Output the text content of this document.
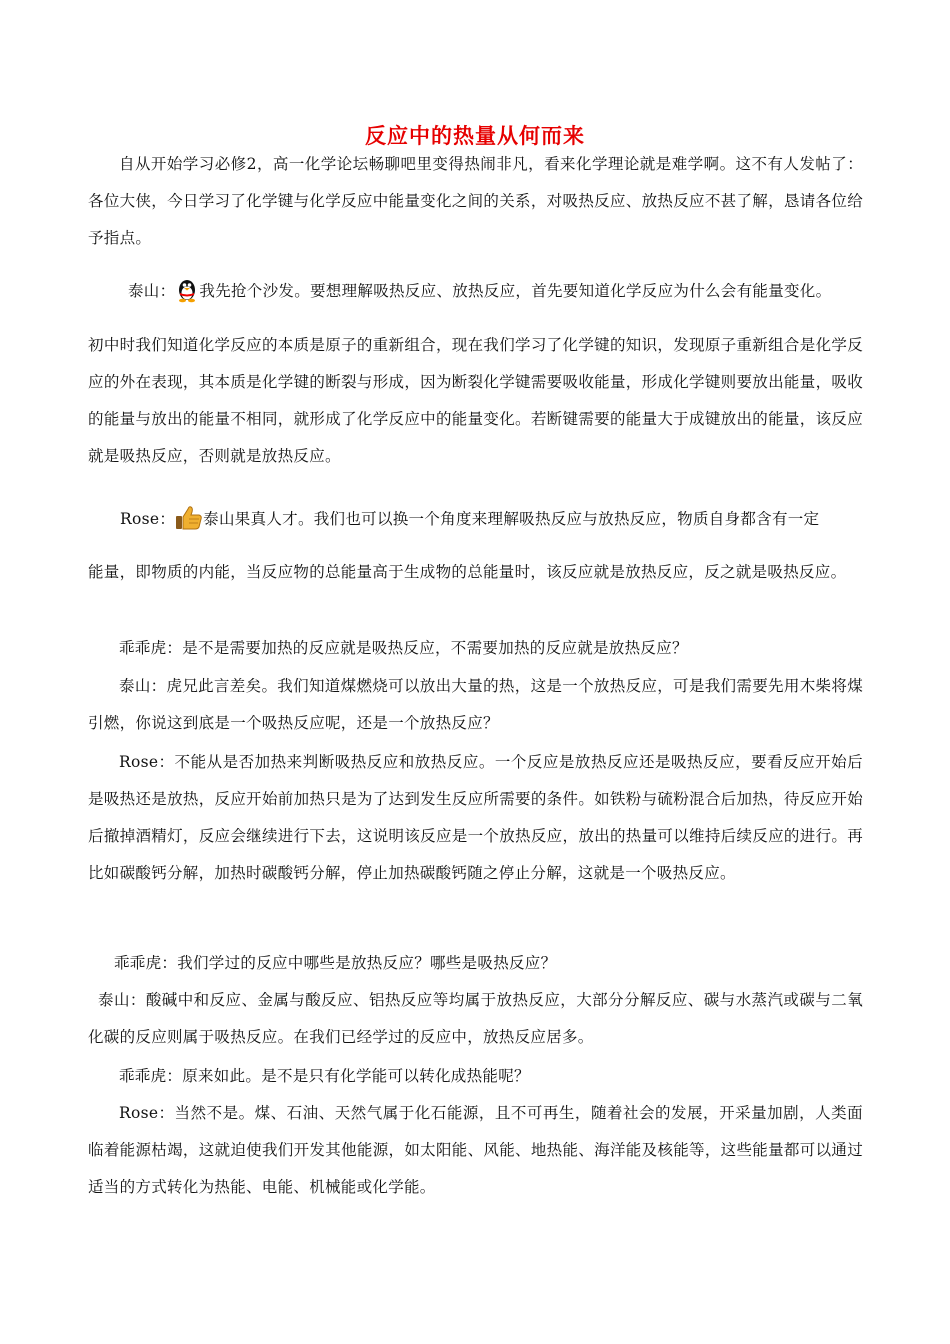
反应中的热量从何而来

自从开始学习必修2，高一化学论坛畅聊吧里变得热闹非凡，看来化学理论就是难学啊。这不有人发帖了：各位大侠，今日学习了化学键与化学反应中能量变化之间的关系，对吸热反应、放热反应不甚了解，恳请各位给予指点。

泰山： 我先抢个沙发。要想理解吸热反应、放热反应，首先要知道化学反应为什么会有能量变化。

初中时我们知道化学反应的本质是原子的重新组合，现在我们学习了化学键的知识，发现原子重新组合是化学反应的外在表现，其本质是化学键的断裂与形成，因为断裂化学键需要吸收能量，形成化学键则要放出能量，吸收的能量与放出的能量不相同，就形成了化学反应中的能量变化。若断键需要的能量大于成键放出的能量，该反应就是吸热反应，否则就是放热反应。

Rose： 泰山果真人才。我们也可以换一个角度来理解吸热反应与放热反应，物质自身都含有一定

能量，即物质的内能，当反应物的总能量高于生成物的总能量时，该反应就是放热反应，反之就是吸热反应。

乖乖虎：是不是需要加热的反应就是吸热反应，不需要加热的反应就是放热反应？

泰山：虎兄此言差矣。我们知道煤燃烧可以放出大量的热，这是一个放热反应，可是我们需要先用木柴将煤引燃，你说这到底是一个吸热反应呢，还是一个放热反应？

Rose：不能从是否加热来判断吸热反应和放热反应。一个反应是放热反应还是吸热反应，要看反应开始后是吸热还是放热，反应开始前加热只是为了达到发生反应所需要的条件。如铁粉与硫粉混合后加热，待反应开始后撤掉酒精灯，反应会继续进行下去，这说明该反应是一个放热反应，放出的热量可以维持后续反应的进行。再比如碳酸钙分解，加热时碳酸钙分解，停止加热碳酸钙随之停止分解，这就是一个吸热反应。

乖乖虎：我们学过的反应中哪些是放热反应？哪些是吸热反应？

泰山：酸碱中和反应、金属与酸反应、铝热反应等均属于放热反应，大部分分解反应、碳与水蒸汽或碳与二氧化碳的反应则属于吸热反应。在我们已经学过的反应中，放热反应居多。

乖乖虎：原来如此。是不是只有化学能可以转化成热能呢？

Rose：当然不是。煤、石油、天然气属于化石能源，且不可再生，随着社会的发展，开采量加剧，人类面临着能源枯竭，这就迫使我们开发其他能源，如太阳能、风能、地热能、海洋能及核能等，这些能量都可以通过适当的方式转化为热能、电能、机械能或化学能。
